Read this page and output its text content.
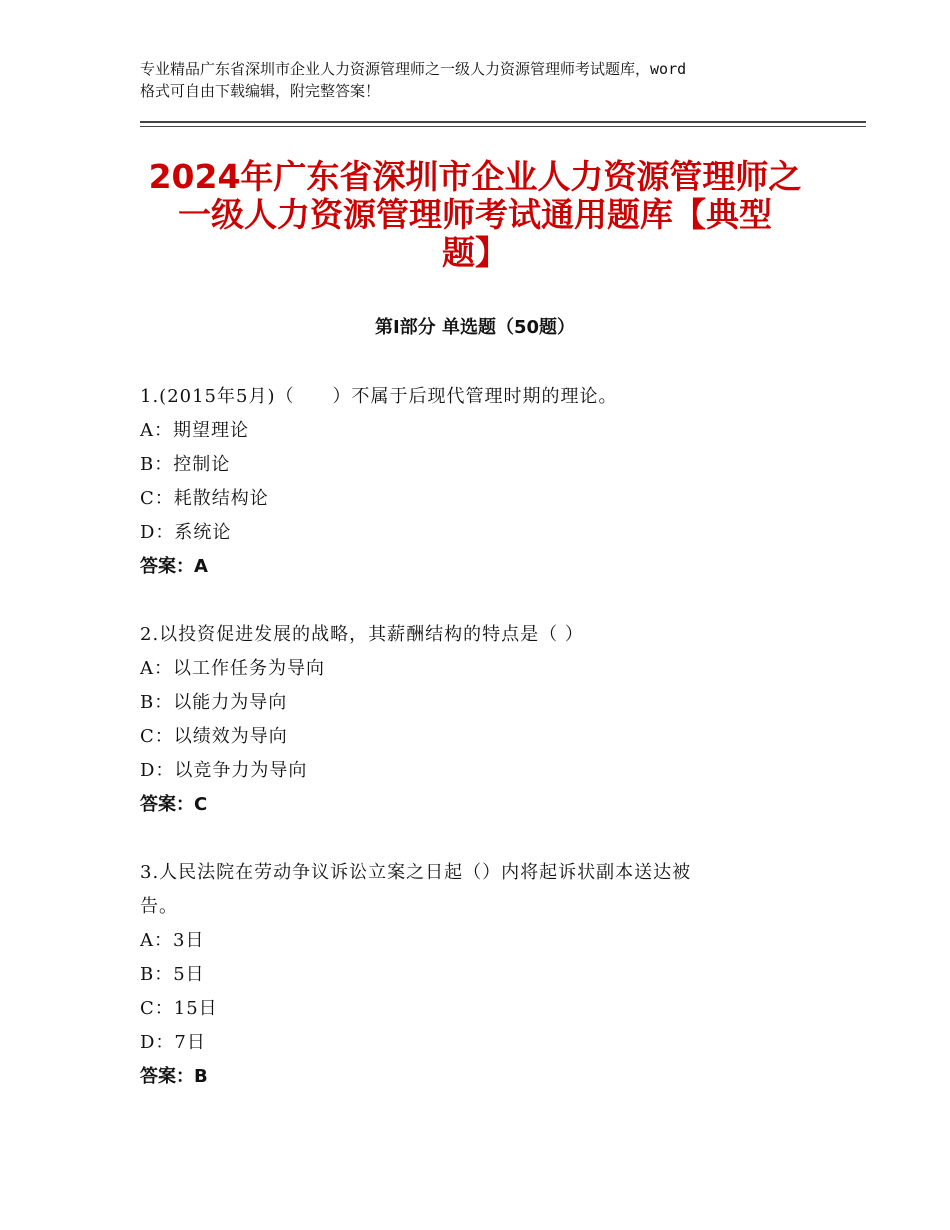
专业精品广东省深圳市企业人力资源管理师之一级人力资源管理师考试题库，word
格式可自由下载编辑，附完整答案！
2024年广东省深圳市企业人力资源管理师之
一级人力资源管理师考试通用题库【典型
题】
第Ⅰ部分 单选题（50题）
1.(2015年5月)（　　）不属于后现代管理时期的理论。
A：期望理论
B：控制论
C：耗散结构论
D：系统论
答案：A
2.以投资促进发展的战略，其薪酬结构的特点是（ ）
A：以工作任务为导向
B：以能力为导向
C：以绩效为导向
D：以竞争力为导向
答案：C
3.人民法院在劳动争议诉讼立案之日起（）内将起诉状副本送达被
告。
A：3日
B：5日
C：15日
D：7日
答案：B
